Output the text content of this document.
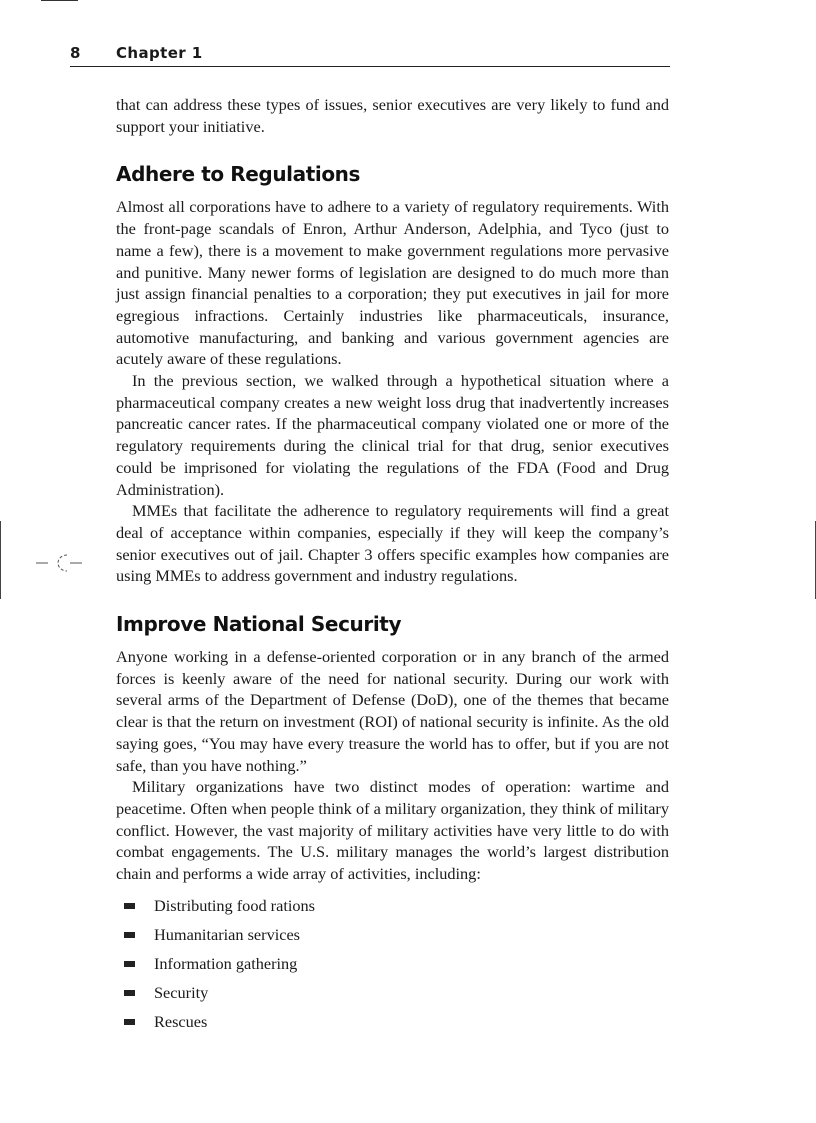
8 Chapter 1

that can address these types of issues, senior executives are very likely to fund and support your initiative.

Adhere to Regulations

Almost all corporations have to adhere to a variety of regulatory requirements. With the front-page scandals of Enron, Arthur Anderson, Adelphia, and Tyco (just to name a few), there is a movement to make government regulations more pervasive and punitive. Many newer forms of legislation are designed to do much more than just assign financial penalties to a corporation; they put executives in jail for more egregious infractions. Certainly industries like pharmaceuticals, insurance, automotive manufacturing, and banking and various government agencies are acutely aware of these regulations.

In the previous section, we walked through a hypothetical situation where a pharmaceutical company creates a new weight loss drug that inadvertently increases pancreatic cancer rates. If the pharmaceutical company violated one or more of the regulatory requirements during the clinical trial for that drug, senior executives could be imprisoned for violating the regulations of the FDA (Food and Drug Administration).

MMEs that facilitate the adherence to regulatory requirements will find a great deal of acceptance within companies, especially if they will keep the company’s senior executives out of jail. Chapter 3 offers specific examples how companies are using MMEs to address government and industry regulations.

Improve National Security

Anyone working in a defense-oriented corporation or in any branch of the armed forces is keenly aware of the need for national security. During our work with several arms of the Department of Defense (DoD), one of the themes that became clear is that the return on investment (ROI) of national security is infinite. As the old saying goes, “You may have every treasure the world has to offer, but if you are not safe, than you have nothing.”

Military organizations have two distinct modes of operation: wartime and peacetime. Often when people think of a military organization, they think of military conflict. However, the vast majority of military activities have very little to do with combat engagements. The U.S. military manages the world’s largest distribution chain and performs a wide array of activities, including:

Distributing food rations
Humanitarian services
Information gathering
Security
Rescues
